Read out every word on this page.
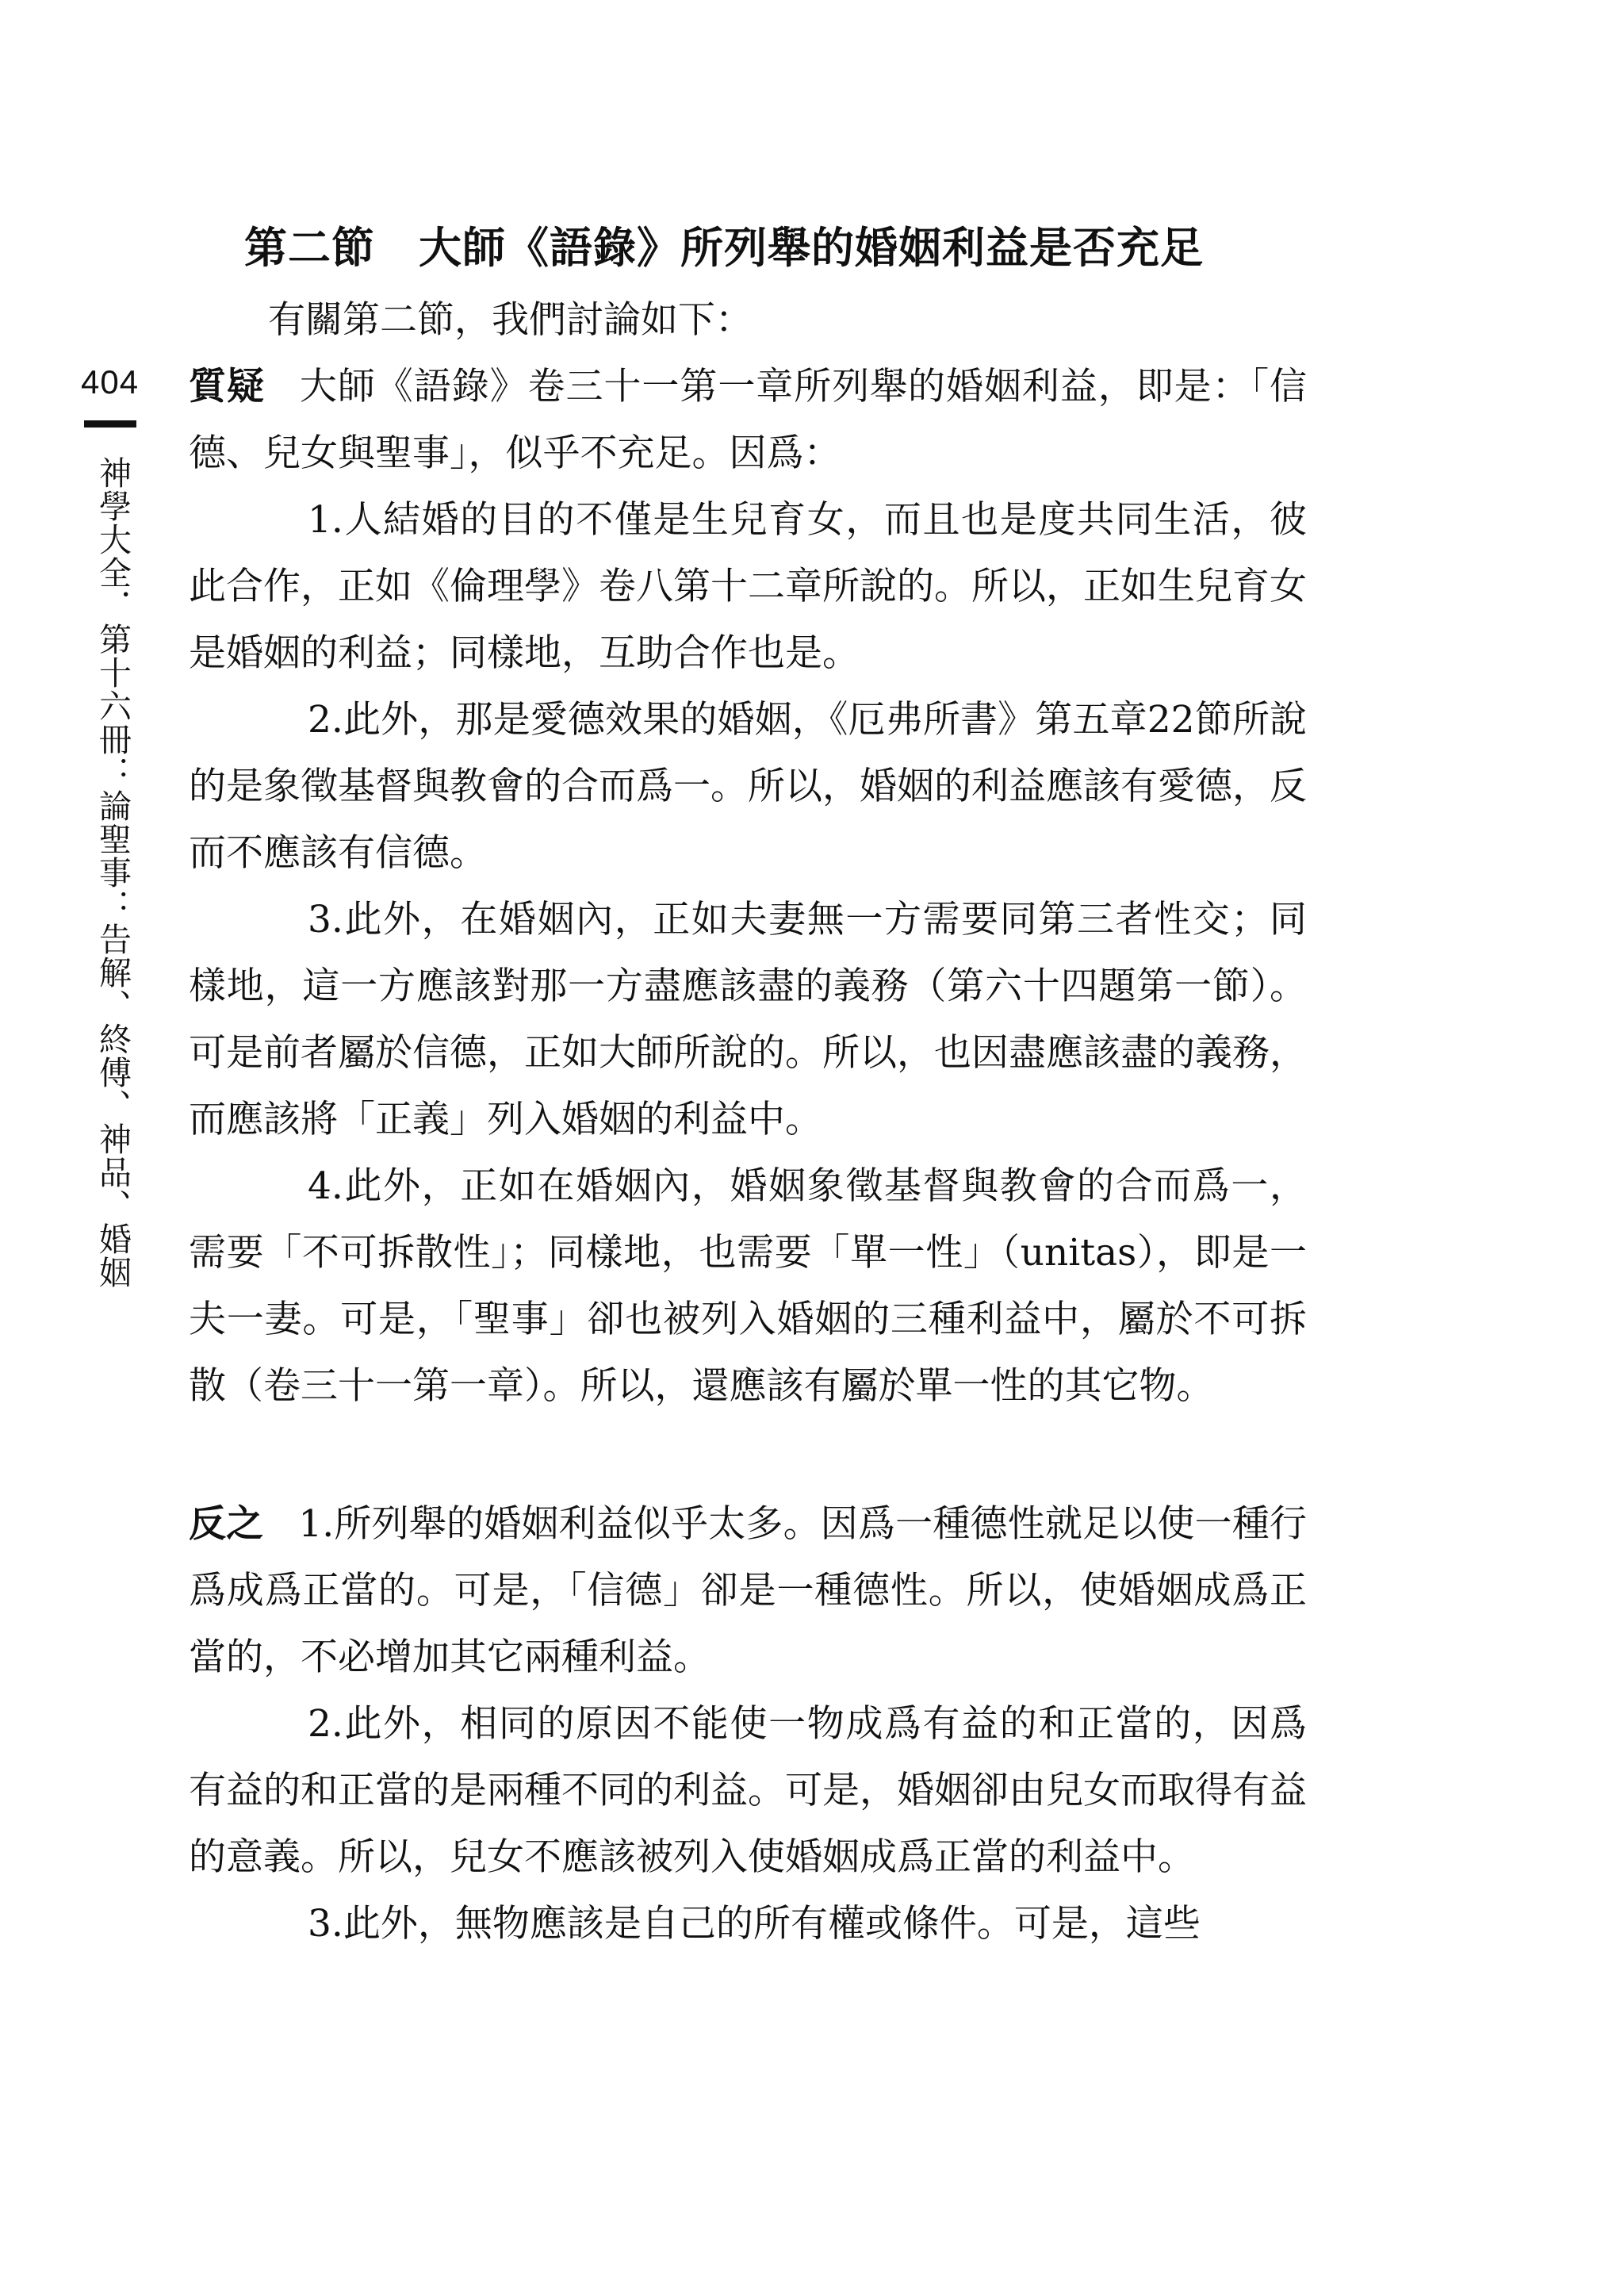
404
神學大全．第十六冊：論聖事：告解、終傅、神品、婚姻
第二節　大師《語錄》所列舉的婚姻利益是否充足

有關第二節，我們討論如下：

質疑 大師《語錄》卷三十一第一章所列舉的婚姻利益，即是：「信德、兒女與聖事」，似乎不充足。因爲：

1.人結婚的目的不僅是生兒育女，而且也是度共同生活，彼此合作，正如《倫理學》卷八第十二章所說的。所以，正如生兒育女是婚姻的利益；同樣地，互助合作也是。

2.此外，那是愛德效果的婚姻，《厄弗所書》第五章22節所說的是象徵基督與教會的合而爲一。所以，婚姻的利益應該有愛德，反而不應該有信德。

3.此外，在婚姻內，正如夫妻無一方需要同第三者性交；同樣地，這一方應該對那一方盡應該盡的義務（第六十四題第一節）。可是前者屬於信德，正如大師所說的。所以，也因盡應該盡的義務，而應該將「正義」列入婚姻的利益中。

4.此外，正如在婚姻內，婚姻象徵基督與教會的合而爲一，需要「不可拆散性」；同樣地，也需要「單一性」（unitas），即是一夫一妻。可是，「聖事」卻也被列入婚姻的三種利益中，屬於不可拆散（卷三十一第一章）。所以，還應該有屬於單一性的其它物。

反之 1.所列舉的婚姻利益似乎太多。因爲一種德性就足以使一種行爲成爲正當的。可是，「信德」卻是一種德性。所以，使婚姻成爲正當的，不必增加其它兩種利益。

2.此外，相同的原因不能使一物成爲有益的和正當的，因爲有益的和正當的是兩種不同的利益。可是，婚姻卻由兒女而取得有益的意義。所以，兒女不應該被列入使婚姻成爲正當的利益中。

3.此外，無物應該是自己的所有權或條件。可是，這些
